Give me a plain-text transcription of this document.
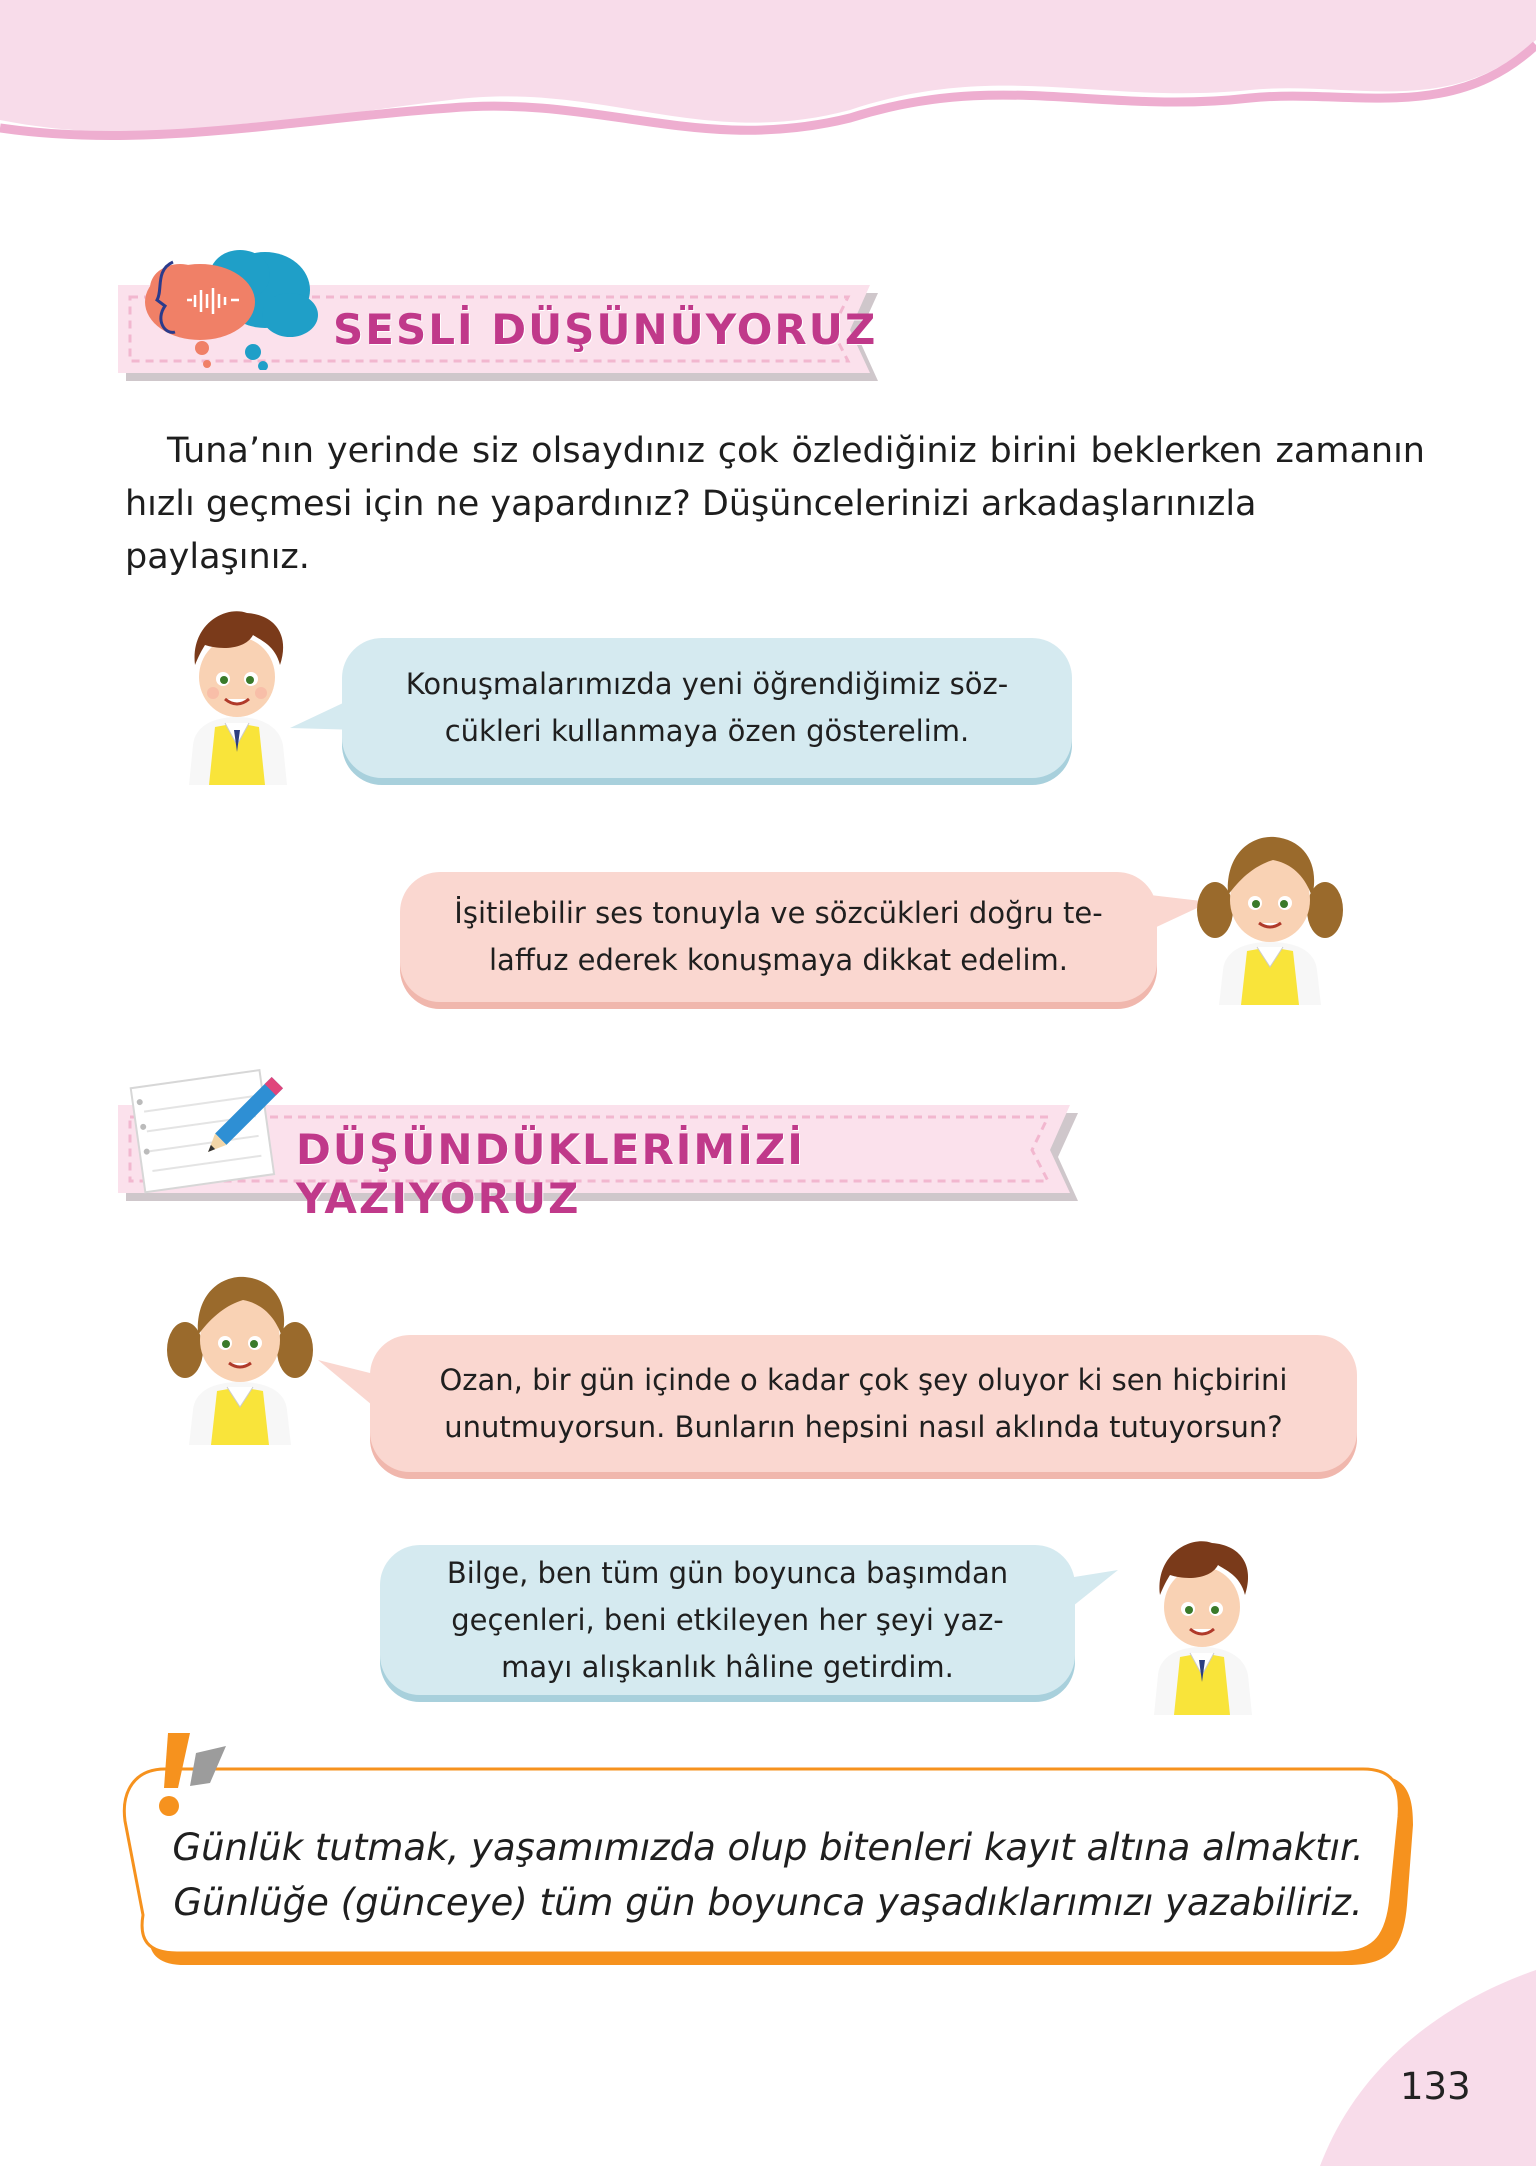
SESLİ DÜŞÜNÜYORUZ
Tuna’nın yerinde siz olsaydınız çok özlediğiniz birini beklerken zamanın
hızlı geçmesi için ne yapardınız? Düşüncelerinizi arkadaşlarınızla paylaşınız.
Konuşmalarımızda yeni öğrendiğimiz söz-
cükleri kullanmaya özen gösterelim.
İşitilebilir ses tonuyla ve sözcükleri doğru te-
laffuz ederek konuşmaya dikkat edelim.
DÜŞÜNDÜKLERİMİZİ YAZIYORUZ
Ozan, bir gün içinde o kadar çok şey oluyor ki sen hiçbirini
unutmuyorsun. Bunların hepsini nasıl aklında tutuyorsun?
Bilge, ben tüm gün boyunca başımdan
geçenleri, beni etkileyen her şeyi yaz-
mayı alışkanlık hâline getirdim.
Günlük tutmak, yaşamımızda olup bitenleri kayıt altına almaktır.
Günlüğe (günceye) tüm gün boyunca yaşadıklarımızı yazabiliriz.
133
